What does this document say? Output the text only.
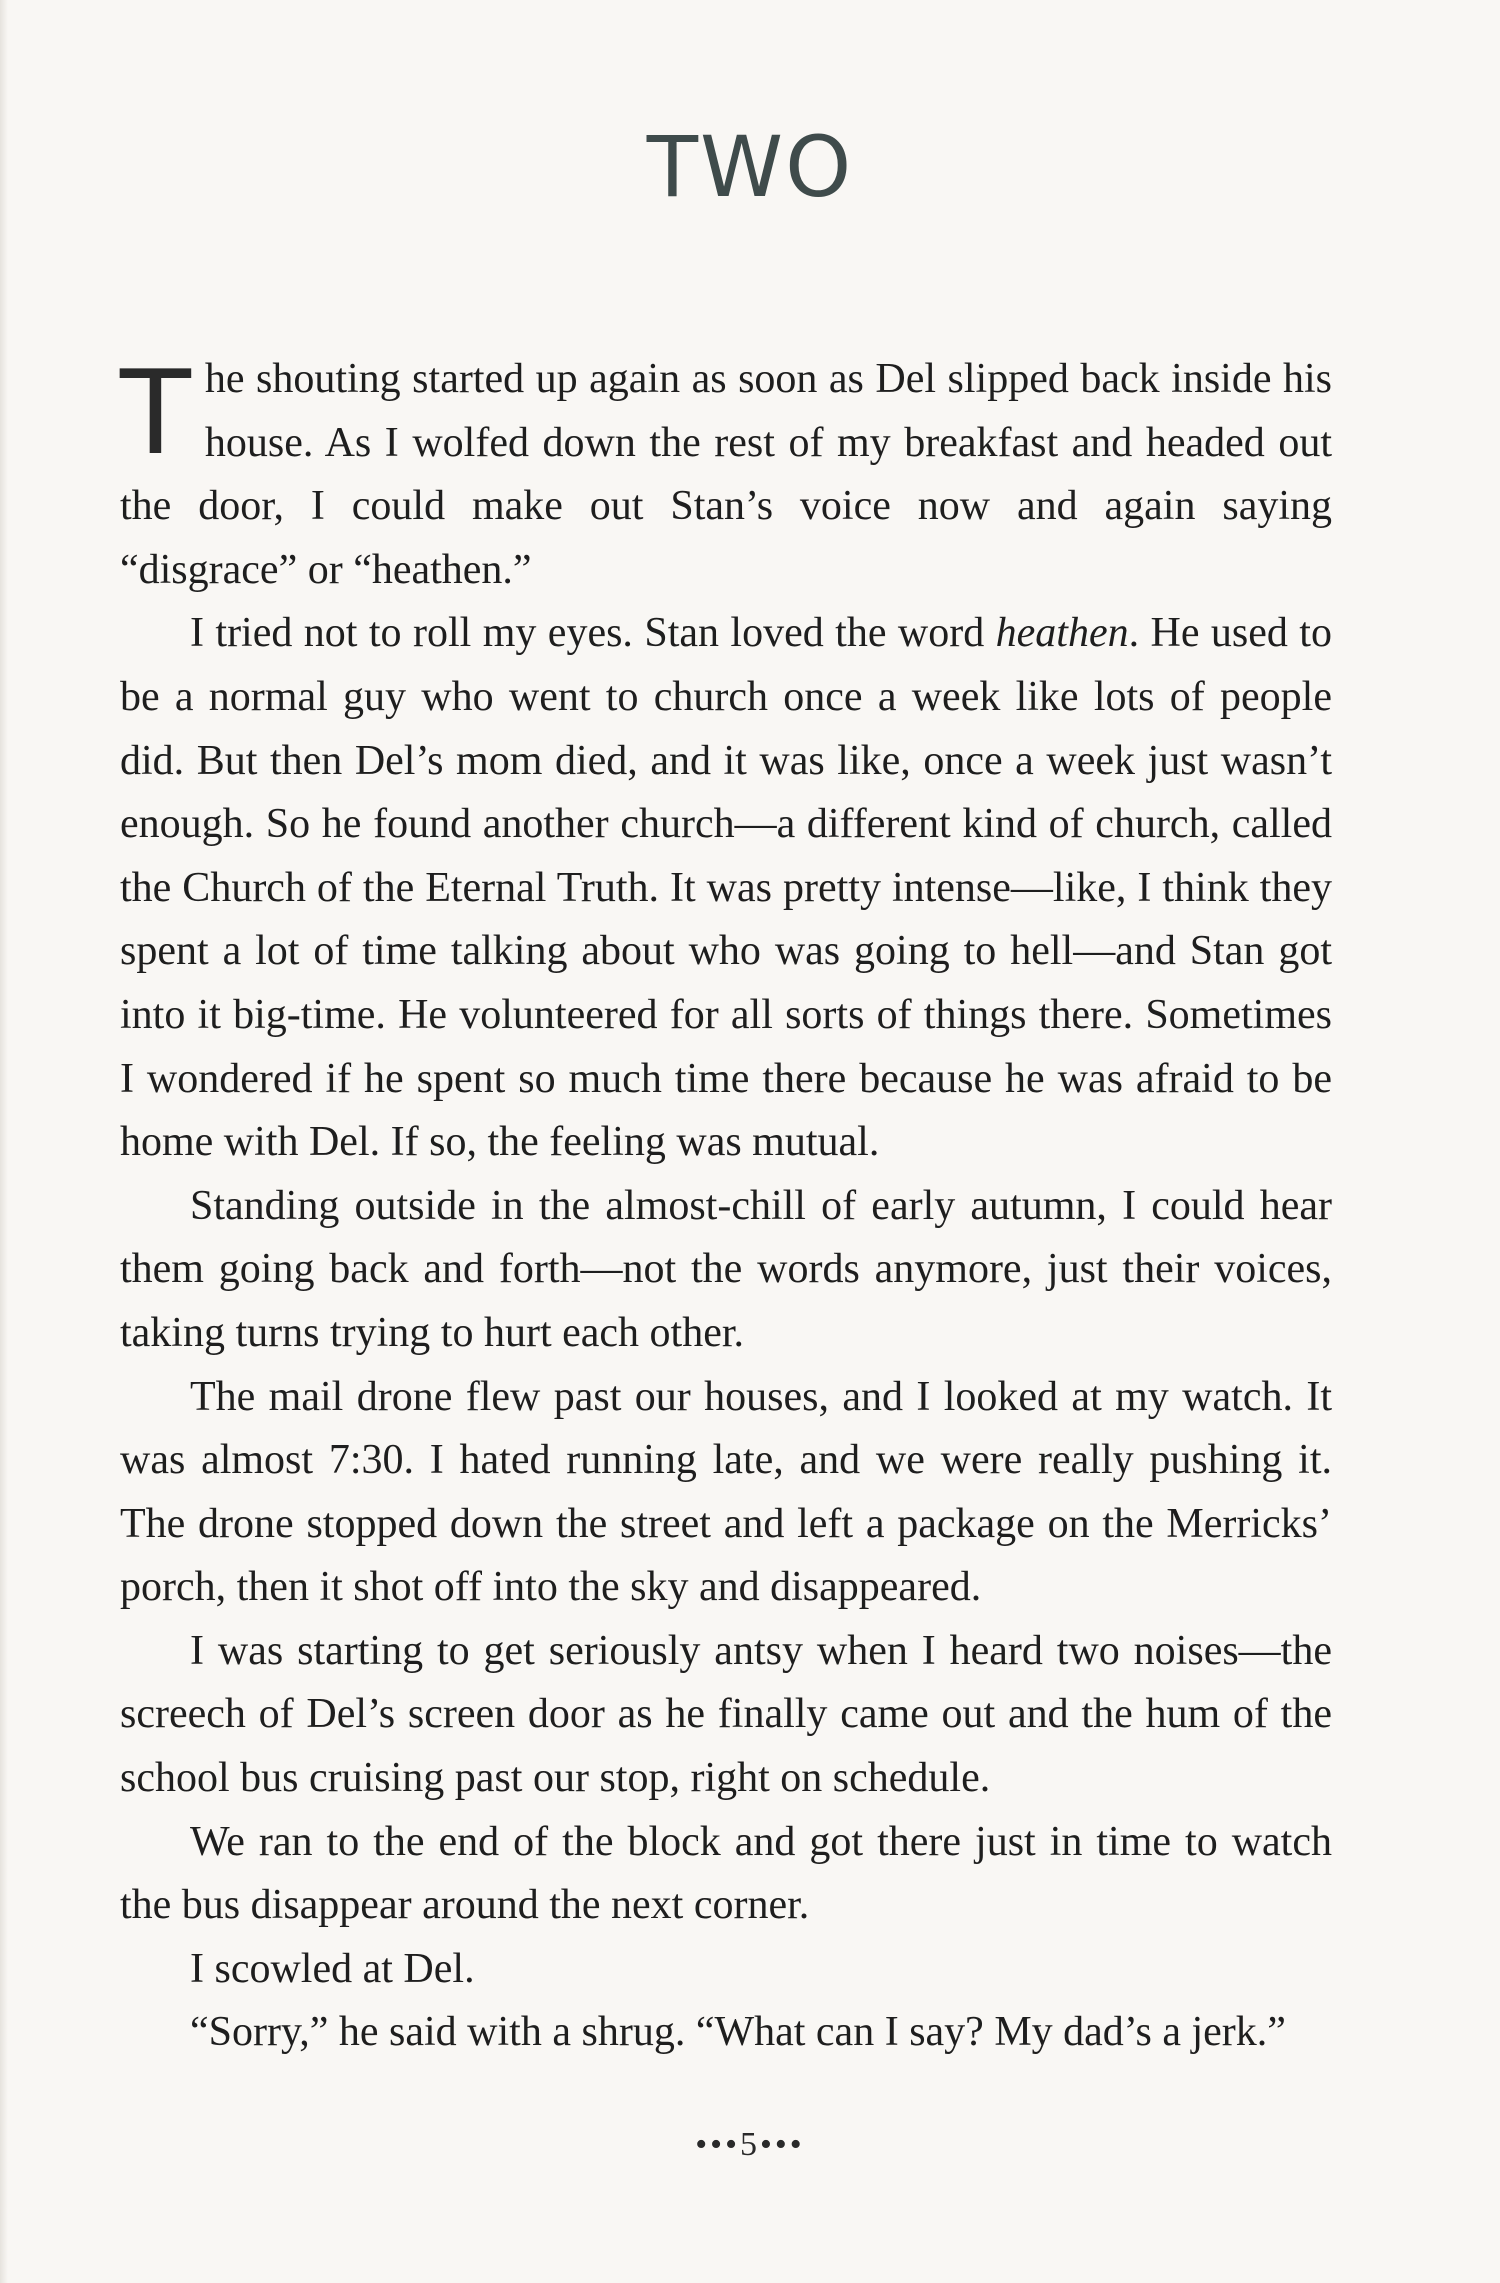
TWO

The shouting started up again as soon as Del slipped back inside his house. As I wolfed down the rest of my breakfast and headed out the door, I could make out Stan’s voice now and again saying “disgrace” or “heathen.”

I tried not to roll my eyes. Stan loved the word heathen. He used to be a normal guy who went to church once a week like lots of people did. But then Del’s mom died, and it was like, once a week just wasn’t enough. So he found another church—a different kind of church, called the Church of the Eternal Truth. It was pretty intense—like, I think they spent a lot of time talking about who was going to hell—and Stan got into it big-time. He volunteered for all sorts of things there. Sometimes I wondered if he spent so much time there because he was afraid to be home with Del. If so, the feeling was mutual.

Standing outside in the almost-chill of early autumn, I could hear them going back and forth—not the words anymore, just their voices, taking turns trying to hurt each other.

The mail drone flew past our houses, and I looked at my watch. It was almost 7:30. I hated running late, and we were really pushing it. The drone stopped down the street and left a package on the Merricks’ porch, then it shot off into the sky and disappeared.

I was starting to get seriously antsy when I heard two noises—the screech of Del’s screen door as he finally came out and the hum of the school bus cruising past our stop, right on schedule.

We ran to the end of the block and got there just in time to watch the bus disappear around the next corner.

I scowled at Del.

“Sorry,” he said with a shrug. “What can I say? My dad’s a jerk.”

•••5•••
